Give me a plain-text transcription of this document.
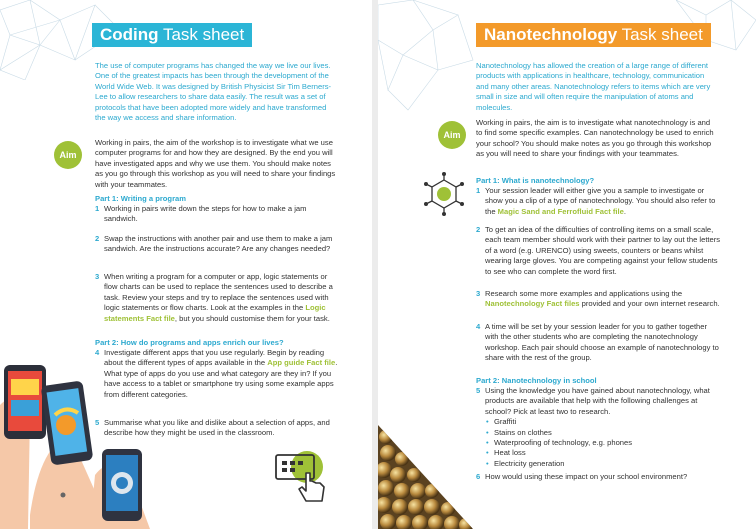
Coding Task sheet
The use of computer programs has changed the way we live our lives. One of the greatest impacts has been through the development of the World Wide Web. It was designed by British Physicist Sir Tim Berners-Lee to allow researchers to share data easily. The result was a set of protocols that have been adopted more widely and have transformed the way we access and share information.
Aim
Working in pairs, the aim of the workshop is to investigate what we use computer programs for and how they are designed. By the end you will have investigated apps and why we use them. You should make notes as you go through this workshop as you will need to share your findings with your teammates.
Part 1: Writing a program
1 Working in pairs write down the steps for how to make a jam sandwich.
2 Swap the instructions with another pair and use them to make a jam sandwich. Are the instructions accurate? Are any changes needed?
3 When writing a program for a computer or app, logic statements or flow charts can be used to replace the sentences used to describe a task. Review your steps and try to replace the sentences used with logic statements or flow charts. Look at the examples in the Logic statements Fact file, but you should customise them for your task.
Part 2: How do programs and apps enrich our lives?
4 Investigate different apps that you use regularly. Begin by reading about the different types of apps available in the App guide Fact file. What type of apps do you use and what category are they in? If you have access to a tablet or smartphone try using some example apps from different categories.
5 Summarise what you like and dislike about a selection of apps, and describe how they might be used in the classroom.
Nanotechnology Task sheet
Nanotechnology has allowed the creation of a large range of different products with applications in healthcare, technology, communication and many other areas. Nanotechnology refers to items which are very small in size and will often require the manipulation of atoms and molecules.
Aim
Working in pairs, the aim is to investigate what nanotechnology is and to find some specific examples. Can nanotechnology be used to enrich your school? You should make notes as you go through this workshop as you will need to share your findings with your teammates.
Part 1: What is nanotechnology?
1 Your session leader will either give you a sample to investigate or show you a clip of a type of nanotechnology. You should also refer to the Magic Sand and Ferrofluid Fact file.
2 To get an idea of the difficulties of controlling items on a small scale, each team member should work with their partner to lay out the letters of a word (e.g. URENCO) using sweets, counters or beans whilst wearing large gloves. You are competing against your fellow students to see who can complete the word first.
3 Research some more examples and applications using the Nanotechnology Fact files provided and your own internet research.
4 A time will be set by your session leader for you to gather together with the other students who are completing the nanotechnology workshop. Each pair should choose an example of nanotechnology to share with the rest of the group.
Part 2: Nanotechnology in school
5 Using the knowledge you have gained about nanotechnology, what products are available that help with the following challenges at school? Pick at least two to research.
• Graffiti
• Stains on clothes
• Waterproofing of technology, e.g. phones
• Heat loss
• Electricity generation
6 How would using these impact on your school environment?
